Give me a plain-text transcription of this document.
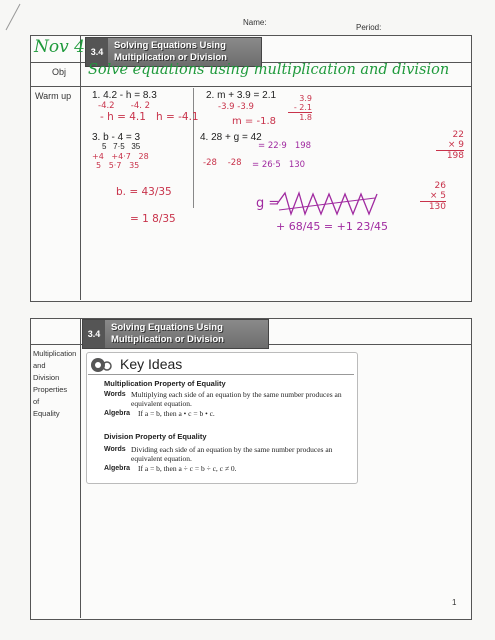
Name:
Period:
Nov 4 3.4
Solving Equations Using
Multiplication or Division
Obj Solve equations using multiplication and division
Warm up 1. 4.2 - h = 8.3	2. m + 3.9 = 2.1
3. b - 4 = 3	4. 28 + g = 42
-4.2      -4. 2
- h = 4.1   h = -4.1
-3.9 -3.9
m = -1.8
3.9
- 2.1
1.8
5   7·5   35
+4   +4·7   28
5   5·7   35
b. = 43/35
= 1 8/35
-28    -28
= 22·9   198
= 26·5   130
g =
+ 68/45 = +1 23/45
22
× 9
198
26
× 5
130
3.4
Solving Equations Using
Multiplication or Division
Multiplication
and
Division
Properties
of
Equality
Key Ideas
Multiplication Property of Equality
Words Multiplying each side of an equation by the same number produces an equivalent equation.
Algebra If a = b, then a • c = b • c.
Division Property of Equality
Words Dividing each side of an equation by the same number produces an equivalent equation.
Algebra If a = b, then a ÷ c = b ÷ c, c ≠ 0.
1
